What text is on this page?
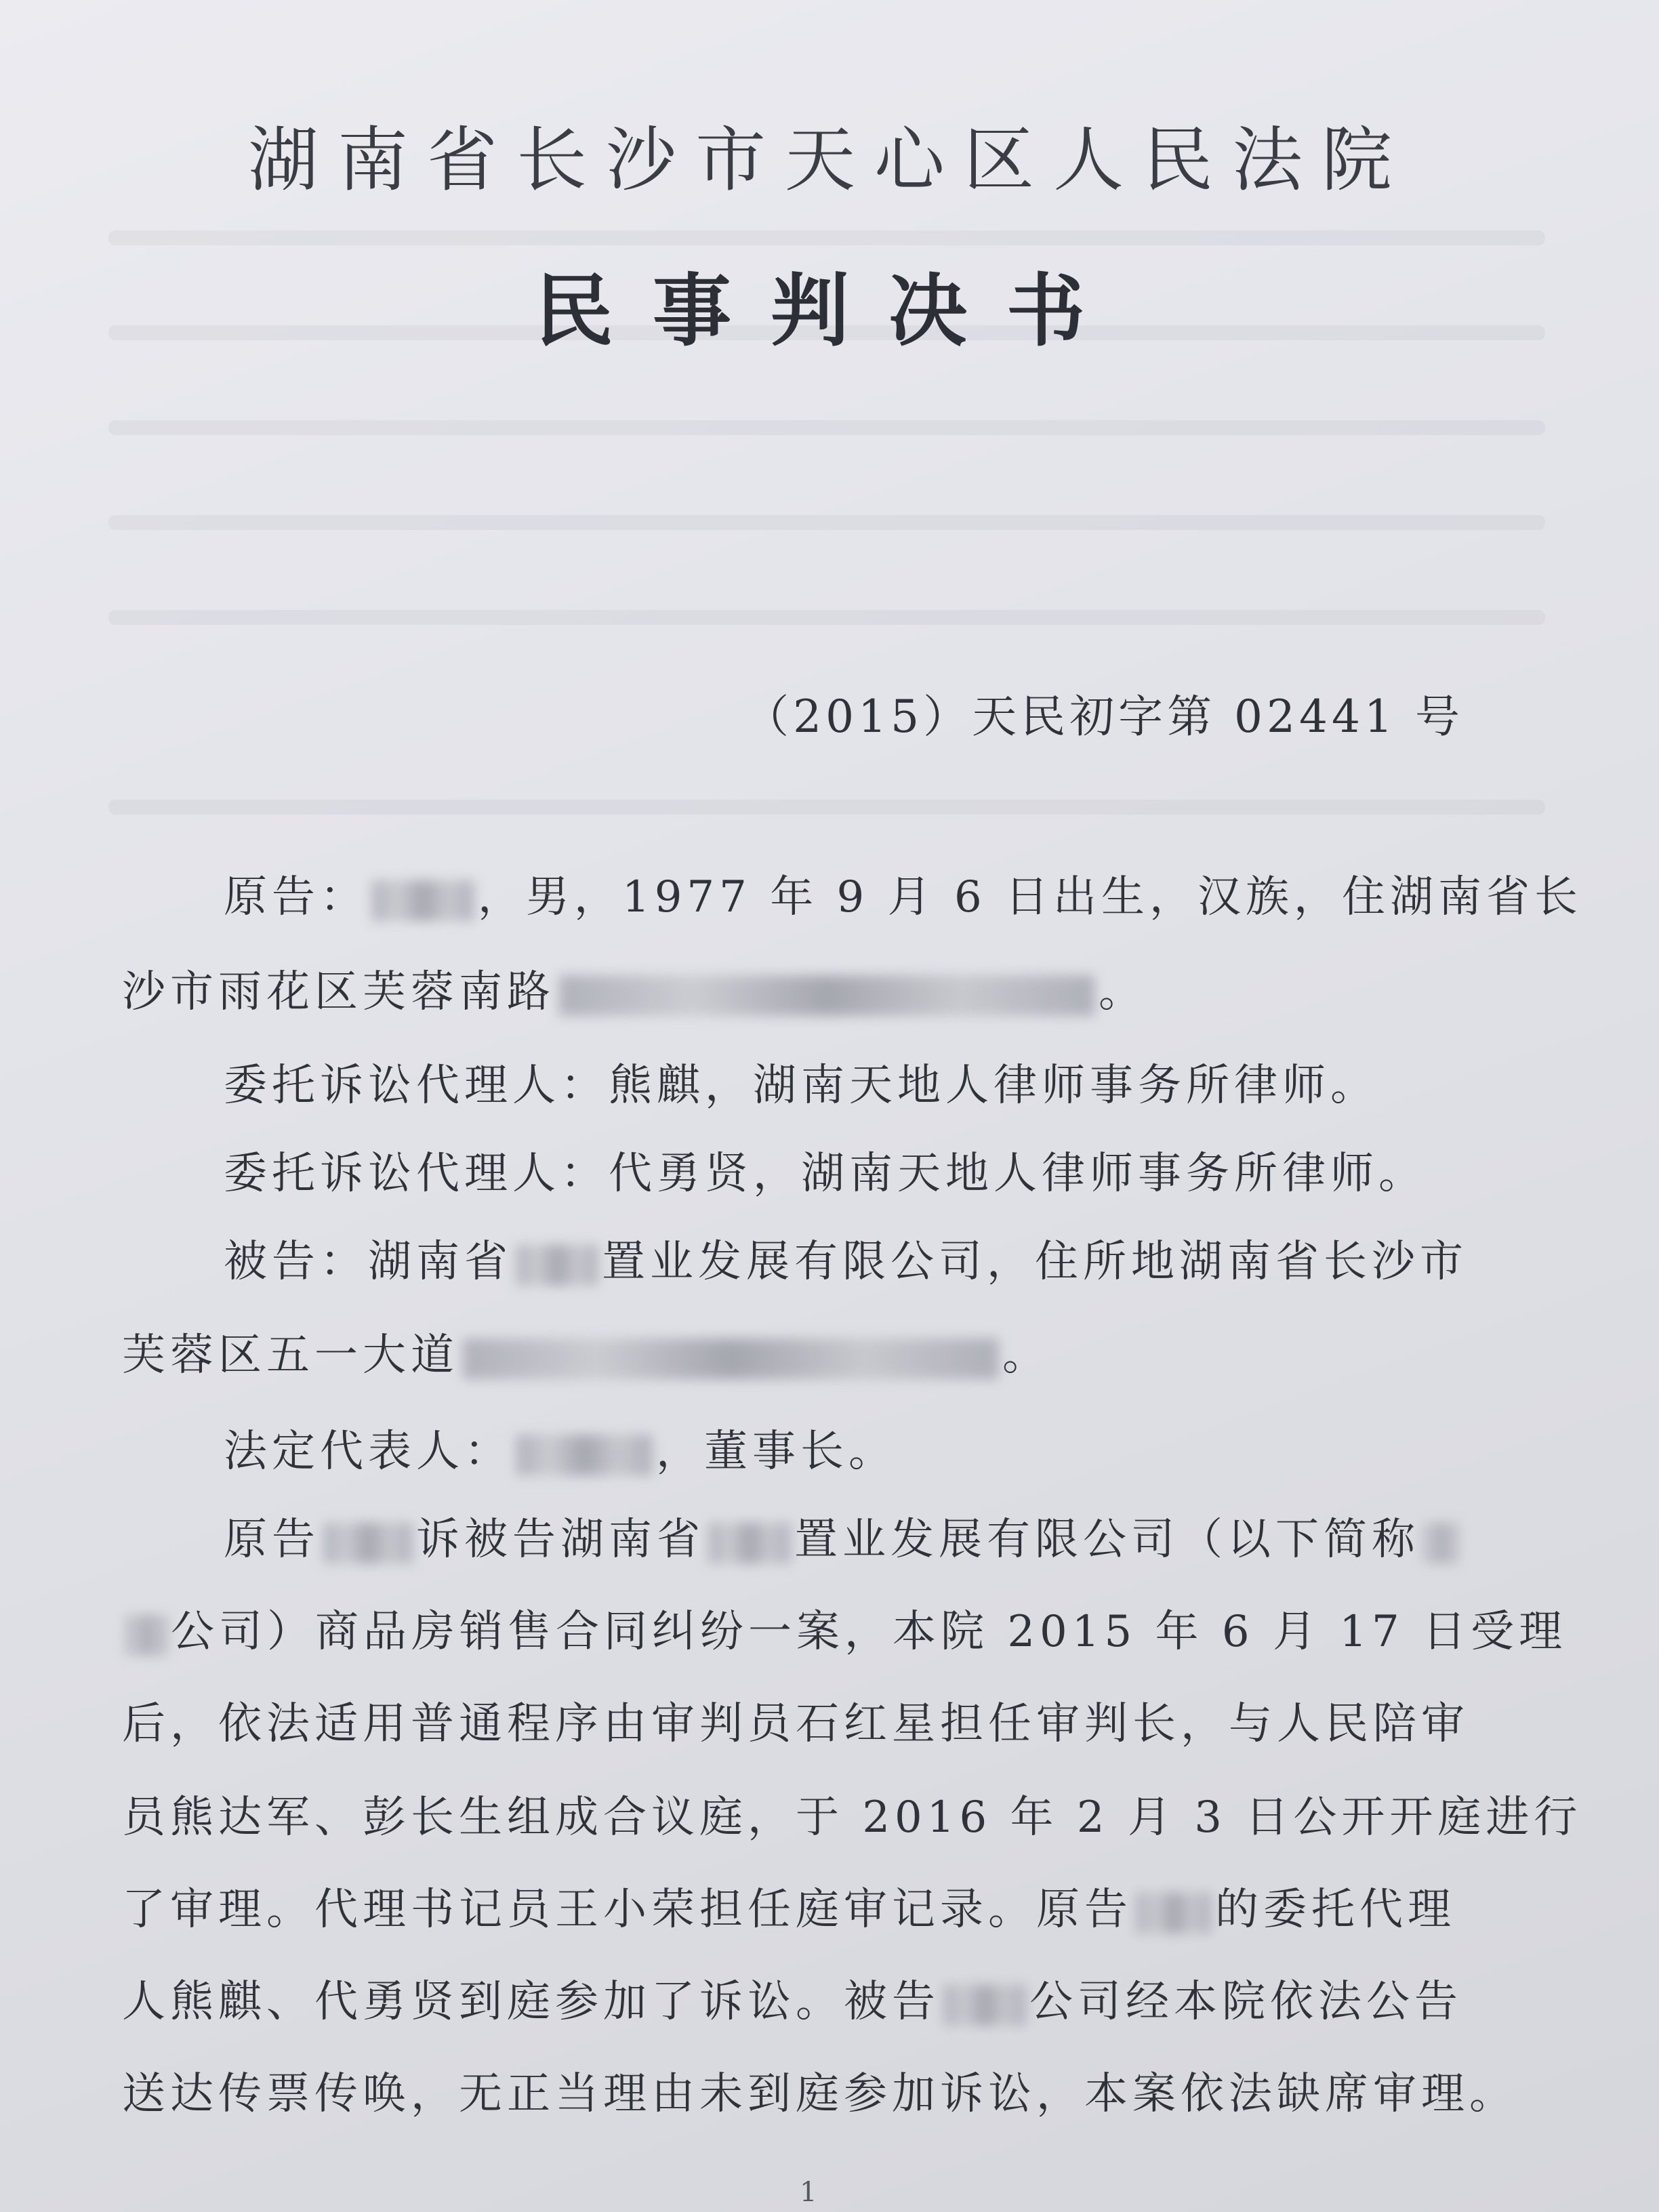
湖南省长沙市天心区人民法院
民事判决书
（2015）天民初字第 02441 号
原告：	，男，1977 年 9 月 6 日出生，汉族，住湖南省长
沙市雨花区芙蓉南路	。
委托诉讼代理人：熊麒，湖南天地人律师事务所律师。
委托诉讼代理人：代勇贤，湖南天地人律师事务所律师。
被告：湖南省 置业发展有限公司，住所地湖南省长沙市
芙蓉区五一大道	。
法定代表人：	，董事长。
原告 诉被告湖南省 置业发展有限公司（以下简称
公司）商品房销售合同纠纷一案，本院 2015 年 6 月 17 日受理
后，依法适用普通程序由审判员石红星担任审判长，与人民陪审
员熊达军、彭长生组成合议庭，于 2016 年 2 月 3 日公开开庭进行
了审理。代理书记员王小荣担任庭审记录。原告 的委托代理
人熊麒、代勇贤到庭参加了诉讼。被告 公司经本院依法公告
送达传票传唤，无正当理由未到庭参加诉讼，本案依法缺席审理。
1
